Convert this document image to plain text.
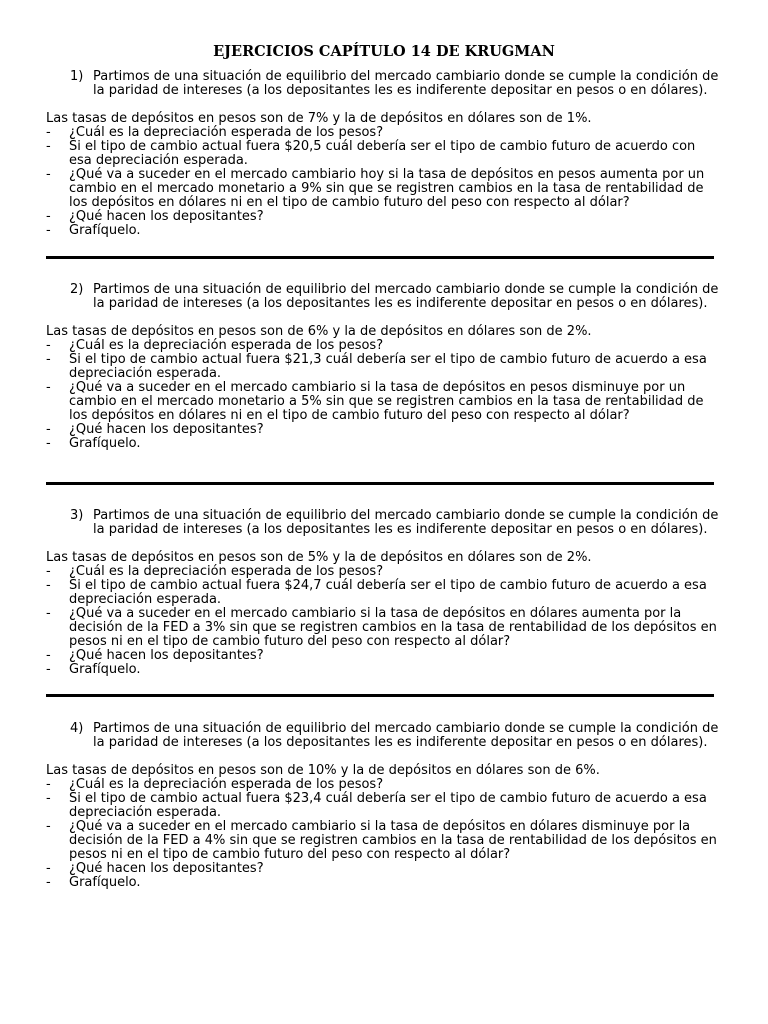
EJERCICIOS CAPÍTULO 14 DE KRUGMAN
1) Partimos de una situación de equilibrio del mercado cambiario donde se cumple la condición de la paridad de intereses (a los depositantes les es indiferente depositar en pesos o en dólares).
Las tasas de depósitos en pesos son de 7% y la de depósitos en dólares son de 1%.
-	¿Cuál es la depreciación esperada de los pesos?
-	Si el tipo de cambio actual fuera $20,5 cuál debería ser el tipo de cambio futuro de acuerdo con esa depreciación esperada.
-	¿Qué va a suceder en el mercado cambiario hoy si la tasa de depósitos en pesos aumenta por un cambio en el mercado monetario a 9% sin que se registren cambios en la tasa de rentabilidad de los depósitos en dólares ni en el tipo de cambio futuro del peso con respecto al dólar?
-	¿Qué hacen los depositantes?
-	Grafíquelo.
2) Partimos de una situación de equilibrio del mercado cambiario donde se cumple la condición de la paridad de intereses (a los depositantes les es indiferente depositar en pesos o en dólares).
Las tasas de depósitos en pesos son de 6% y la de depósitos en dólares son de 2%.
-	¿Cuál es la depreciación esperada de los pesos?
-	Si el tipo de cambio actual fuera $21,3 cuál debería ser el tipo de cambio futuro de acuerdo a esa depreciación esperada.
-	¿Qué va a suceder en el mercado cambiario si la tasa de depósitos en pesos disminuye por un cambio en el mercado monetario a 5% sin que se registren cambios en la tasa de rentabilidad de los depósitos en dólares ni en el tipo de cambio futuro del peso con respecto al dólar?
-	¿Qué hacen los depositantes?
-	Grafíquelo.
3) Partimos de una situación de equilibrio del mercado cambiario donde se cumple la condición de la paridad de intereses (a los depositantes les es indiferente depositar en pesos o en dólares).
Las tasas de depósitos en pesos son de 5% y la de depósitos en dólares son de 2%.
-	¿Cuál es la depreciación esperada de los pesos?
-	Si el tipo de cambio actual fuera $24,7 cuál debería ser el tipo de cambio futuro de acuerdo a esa depreciación esperada.
-	¿Qué va a suceder en el mercado cambiario si la tasa de depósitos en dólares aumenta por la decisión de la FED a 3% sin que se registren cambios en la tasa de rentabilidad de los depósitos en pesos ni en el tipo de cambio futuro del peso con respecto al dólar?
-	¿Qué hacen los depositantes?
-	Grafíquelo.
4) Partimos de una situación de equilibrio del mercado cambiario donde se cumple la condición de la paridad de intereses (a los depositantes les es indiferente depositar en pesos o en dólares).
Las tasas de depósitos en pesos son de 10% y la de depósitos en dólares son de 6%.
-	¿Cuál es la depreciación esperada de los pesos?
-	Si el tipo de cambio actual fuera $23,4 cuál debería ser el tipo de cambio futuro de acuerdo a esa depreciación esperada.
-	¿Qué va a suceder en el mercado cambiario si la tasa de depósitos en dólares disminuye por la decisión de la FED a 4% sin que se registren cambios en la tasa de rentabilidad de los depósitos en pesos ni en el tipo de cambio futuro del peso con respecto al dólar?
-	¿Qué hacen los depositantes?
-	Grafíquelo.
